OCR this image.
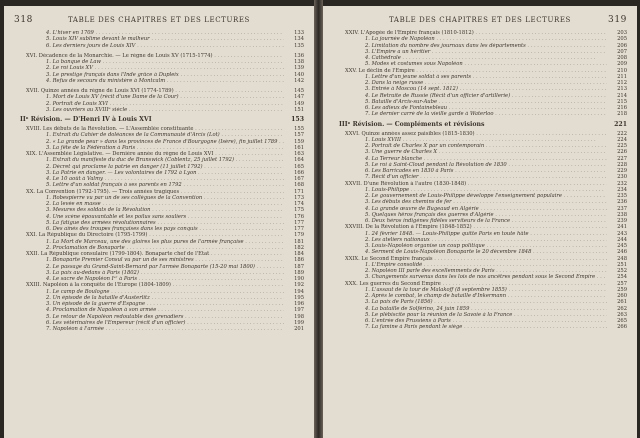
318	TABLE DES CHAPITRES ET DES LECTURES
4. L'hiver en 1709 . . .	133
5. Louis XIV sublime devant le malheur . . .	134
6. Les derniers jours de Louis XIV . . .	135
XVI. Décadence de la Monarchie. — Le règne de Louis XV (1715-1774) . . .	136
1. La banque de Law . . .	138
2. Le roi Louis XV . . .	139
3. Le prestige français dans l'Inde grâce à Dupleix . . .	140
4. Refus de secours du ministère à Montcalm . . .	142
XVII. Quinze années du règne de Louis XVI (1774-1789) . . .	145
1. Mort de Louis XV (récit d'une Dame de la Cour) . . .	147
2. Portrait de Louis XVI . . .	149
3. Les ouvriers au XVIIIᵉ siècle . . .	151
IIᵉ Révision. — D'Henri IV à Louis XVI	153
XVIII. Les débuts de la Révolution. — L'Assemblée constituante . . .	155
1. Extrait du Cahier de doléances de la Communauté d'Arcis (Lot) . . .	157
2. « La grande peur » dans les provinces de France d'Bourgogne (Isère), fin juillet 1789 . . .	159
3. La fête de la Fédération à Paris . . .	161
XIX. L'Assemblée Législative. — Dernière année du règne de Louis XVI . . .	163
1. Extrait du manifeste du duc de Brunswick (Coblentz, 25 juillet 1792) . . .	164
2. Décret qui proclame la patrie en danger (11 juillet 1792) . . .	165
3. La Patrie en danger. — Les volontaires de 1792 à Lyon . . .	166
4. Le 10 août à Valmy . . .	167
5. Lettre d'un soldat français à ses parents en 1792 . . .	168
XX. La Convention (1792-1795). — Trois années tragiques . . .	171
1. Robespierre vu par un de ses collègues de la Convention . . .	173
2. La levée en masse . . .	174
3. Mesures des soldats de la Révolution . . .	175
4. Une scène épouvantable et les poilus sans souliers . . .	176
5. La fatigue des armées révolutionnaires . . .	177
6. Des aînés des troupes françaises dans les pays conquis . . .	177
XXI. La République du Directoire (1795-1799) . . .	179
1. La Mort de Marceau, une des gloires les plus pures de l'armée française . . .	181
2. Proclamation de Bonaparte . . .	182
XXII. La République consulaire (1799-1804). Bonaparte chef de l'État . . .	184
1. Bonaparte Premier Consul vu par un de ses ministres . . .	186
2. Le passage du Grand-Saint-Bernard par l'armée Bonaparte (15-20 mai 1800) . . .	187
3. La paix au-dedans à Paris (1802) . . .	189
4. Le sacre de Napoléon Iᵉʳ à Paris . . .	190
XXIII. Napoléon à la conquête de l'Europe (1804-1809) . . .	192
1. Le camp de Boulogne . . .	194
2. Un épisode de la bataille d'Austerlitz . . .	195
3. Un épisode de la guerre d'Espagne . . .	196
4. Proclamation de Napoléon à son armée . . .	197
5. Le retour de Napoléon redoutable des grenadiers . . .	198
6. Les vétérinaires de l'Empereur (récit d'un officier) . . .	199
7. Napoléon à l'armée . . .	201
TABLE DES CHAPITRES ET DES LECTURES	319
XXIV. L'Apogée de l'Empire français (1810-1812) . . .	203
1. La journée de Napoléon . . .	205
2. Limitation du nombre des journaux dans les départements . . .	206
3. L'Empire a un héritier . . .	207
4. Cathédrale . . .	208
5. Modes et costumes sous Napoléon . . .	209
XXV. Le déclin de l'Empire . . .	210
1. Lettre d'un jeune soldat à ses parents . . .	211
2. Dans la neige russe . . .	212
3. Entrée à Moscou (14 sept. 1812) . . .	213
4. Le Retraite de Russie (Récit d'un officier d'artillerie) . . .	214
5. Bataille d'Arcis-sur-Aube . . .	215
6. Les adieux de Fontainebleau . . .	216
7. Le dernier carré de la vieille garde à Waterloo . . .	218
IIIᵉ Révision. — Compléments et révisions	221
XXVI. Quinze années assez paisibles (1815-1830) . . .	222
1. Louis XVIII . . .	224
2. Portrait de Charles X par un contemporain . . .	225
3. Une guerre de Charles X . . .	226
4. La Terreur blanche . . .	227
5. Le roi à Saint-Cloud pendant la Révolution de 1830 . . .	228
6. Les Barricades en 1830 à Paris . . .	229
7. Récit d'un officier . . .	230
XXVII. D'une Révolution à l'autre (1830-1848) . . .	232
1. Louis-Philippe . . .	234
2. Le gouvernement de Louis-Philippe développe l'enseignement populaire . . .	235
3. Les débuts des chemins de fer . . .	236
4. La grande œuvre de Bugeaud en Algérie . . .	237
5. Quelques hêros français des guerres d'Algérie . . .	238
6. Deux héros indigènes fidèles serviteurs de la France . . .	239
XXVIII. De la Révolution à l'Empire (1848-1852) . . .	241
1. 24 février 1848. — Louis-Philippe quitte Paris en toute hâte . . .	243
2. Les ateliers nationaux . . .	244
3. Louis-Napoléon organise un coup politique . . .	245
4. Serment de Louis-Napoléon Bonaparte le 20 décembre 1848 . . .	246
XXIX. Le Second Empire français . . .	248
1. L'Empire consolidé . . .	251
2. Napoléon III parle des excellemments de Paris . . .	252
3. Changements survenus dans les lois de nos ancêtres pendant sous le Second Empire . . .	254
XXX. Les guerres du Second Empire . . .	257
1. L'assaut de la tour de Malakoff (8 septembre 1855) . . .	259
2. Après le combat, le champ de bataille d'Inkermann . . .	260
3. La paix de Paris (1856) . . .	261
4. La bataille de Solférino, 24 juin 1859 . . .	262
5. Le plébiscite pour la réunion de la Savoie à la France . . .	263
6. L'entrée des Prussiens à Paris . . .	265
7. La famine à Paris pendant le siège . . .	266
